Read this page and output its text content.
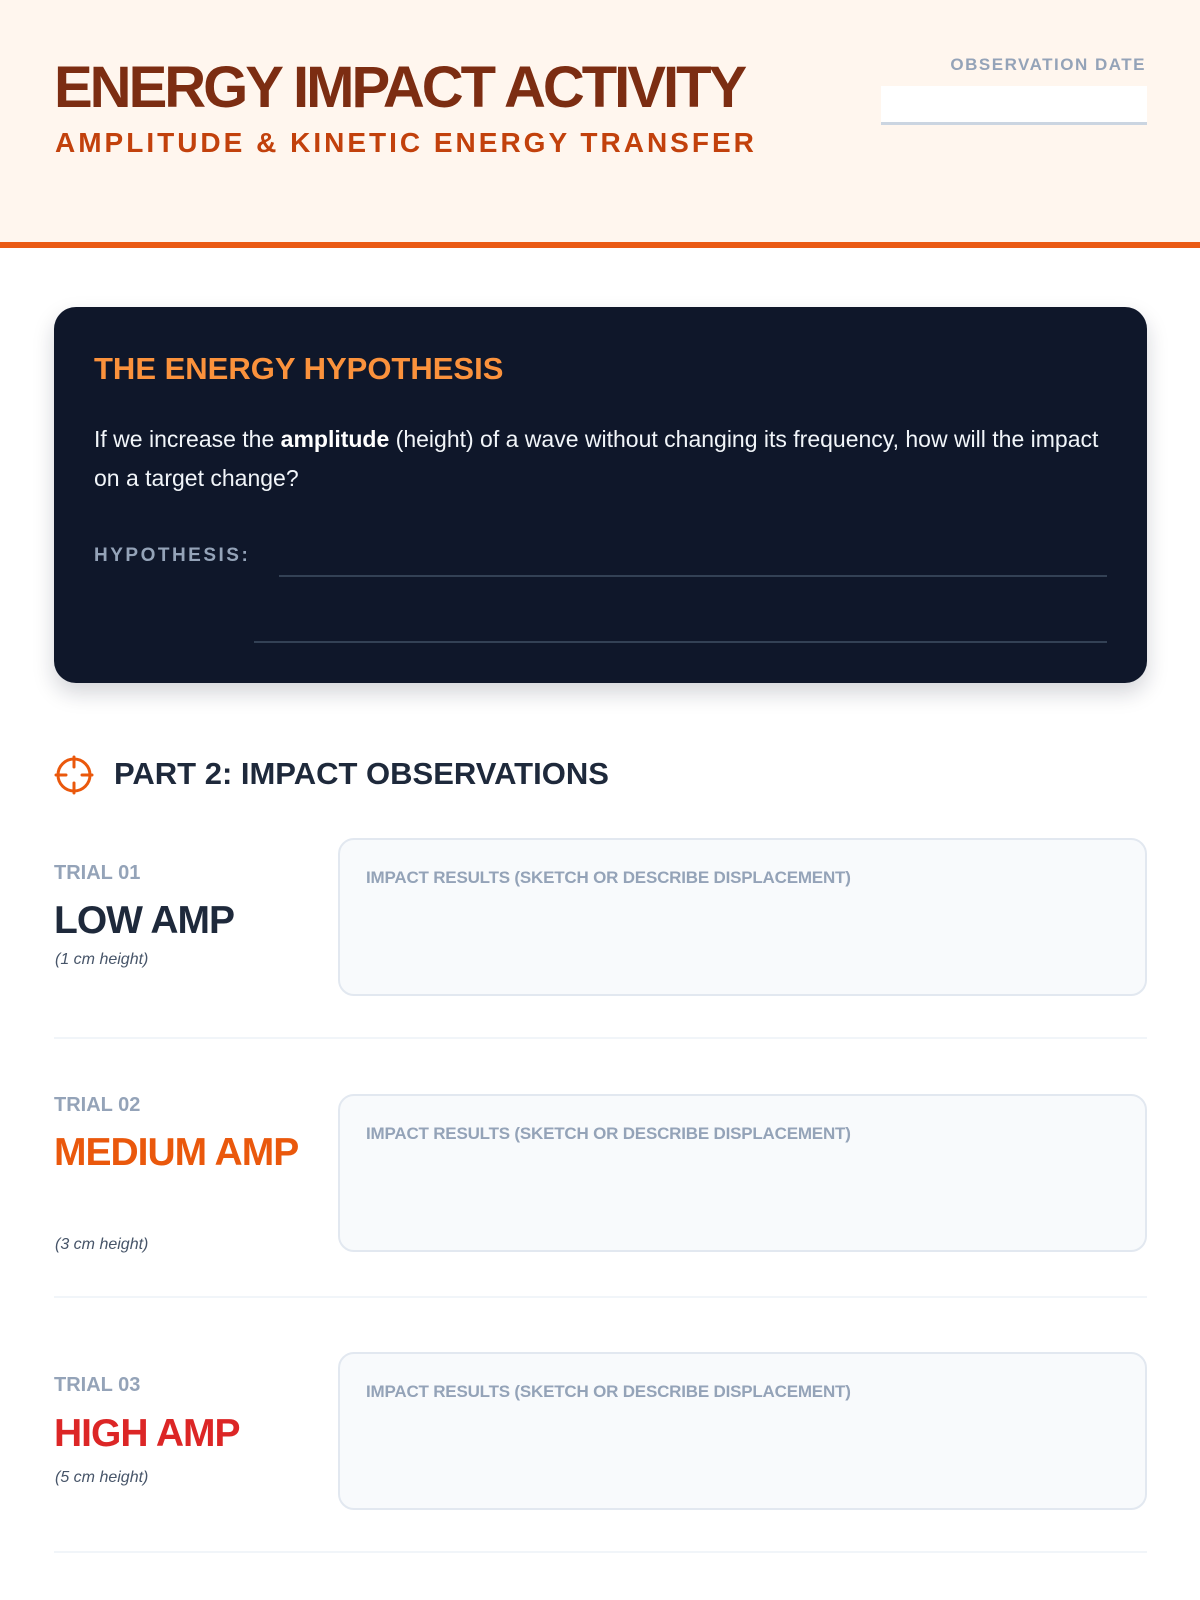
ENERGY IMPACT ACTIVITY
AMPLITUDE & KINETIC ENERGY TRANSFER
OBSERVATION DATE
THE ENERGY HYPOTHESIS

If we increase the amplitude (height) of a wave without changing its frequency, how will the impact on a target change?

HYPOTHESIS:
PART 2: IMPACT OBSERVATIONS
TRIAL 01
LOW AMP
(1 cm height)
IMPACT RESULTS (SKETCH OR DESCRIBE DISPLACEMENT)
TRIAL 02
MEDIUM AMP
(3 cm height)
IMPACT RESULTS (SKETCH OR DESCRIBE DISPLACEMENT)
TRIAL 03
HIGH AMP
(5 cm height)
IMPACT RESULTS (SKETCH OR DESCRIBE DISPLACEMENT)
